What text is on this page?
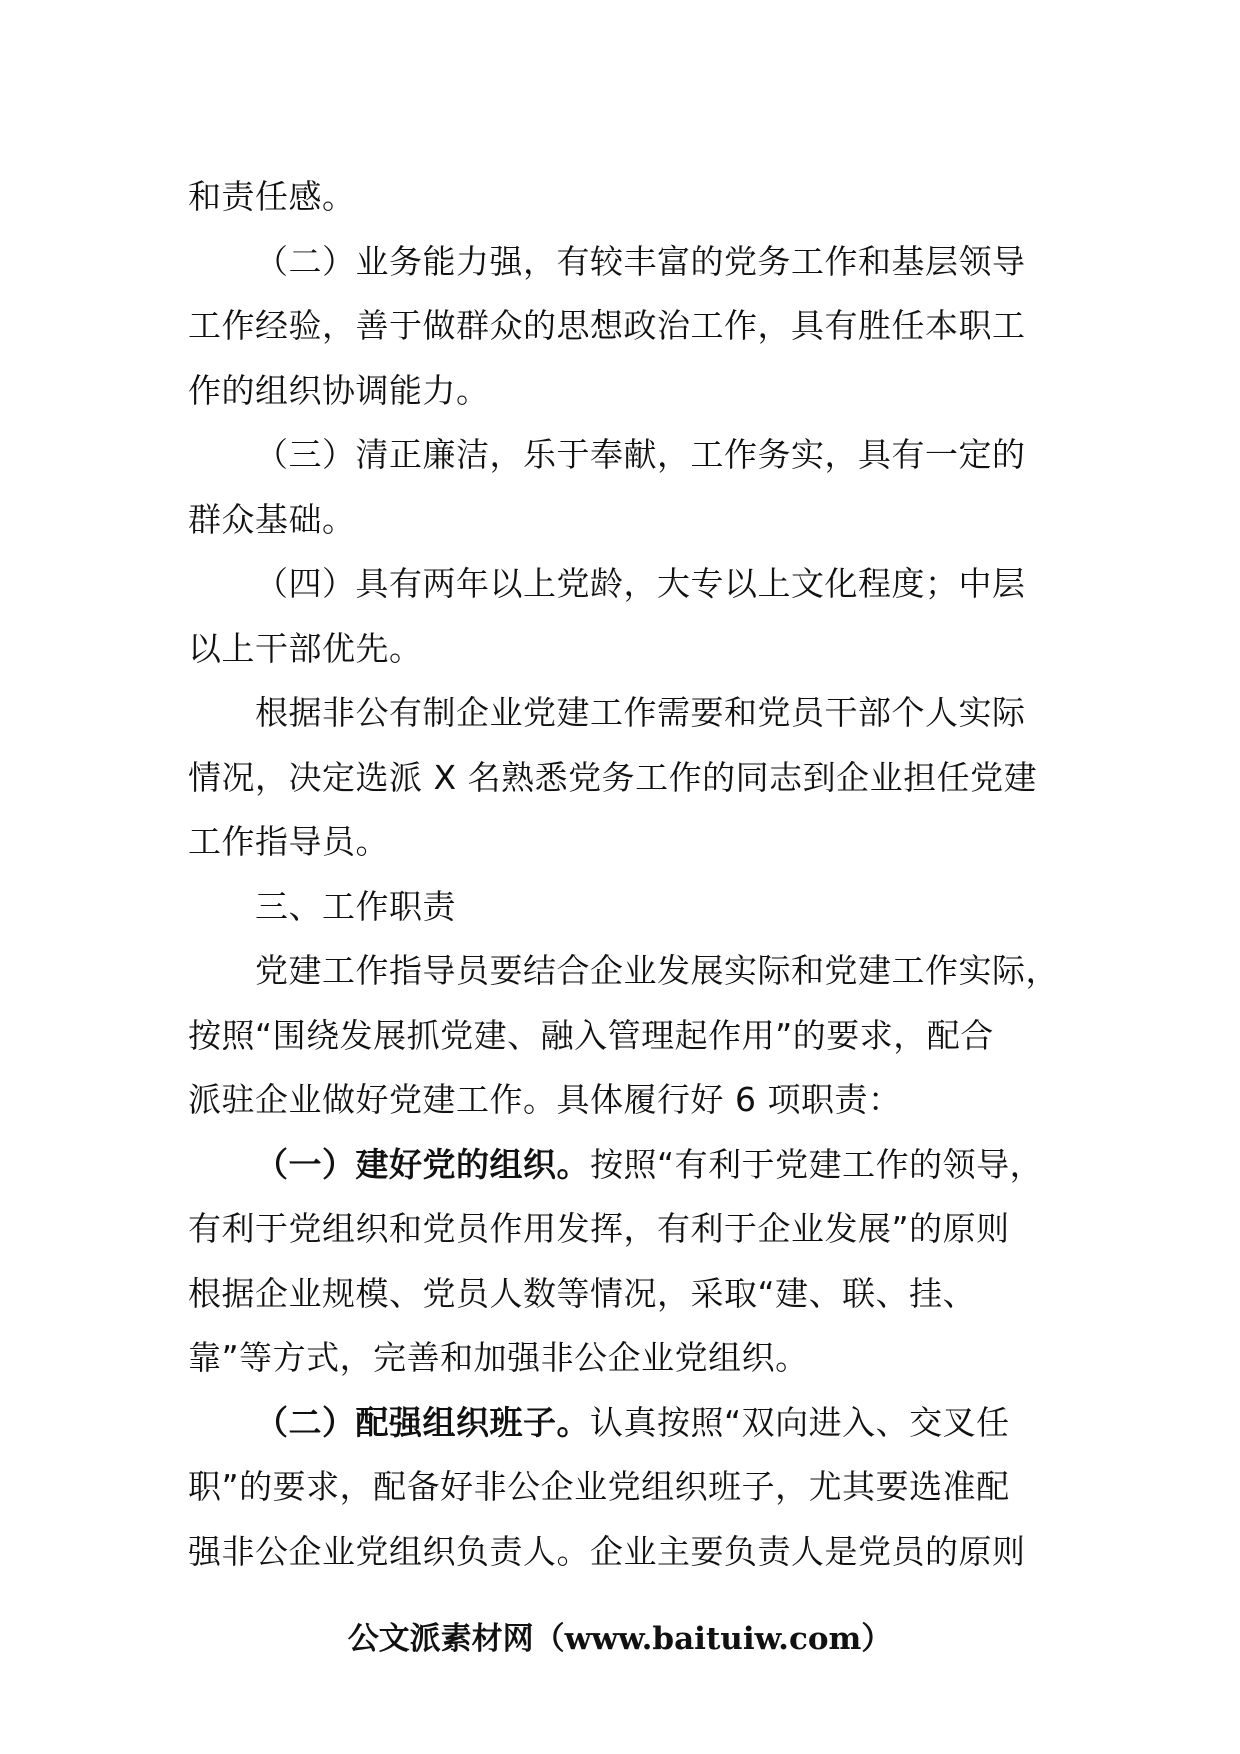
和责任感。
（二）业务能力强，有较丰富的党务工作和基层领导
工作经验，善于做群众的思想政治工作，具有胜任本职工
作的组织协调能力。
（三）清正廉洁，乐于奉献，工作务实，具有一定的
群众基础。
（四）具有两年以上党龄，大专以上文化程度；中层
以上干部优先。
根据非公有制企业党建工作需要和党员干部个人实际
情况，决定选派 X 名熟悉党务工作的同志到企业担任党建
工作指导员。
三、工作职责
党建工作指导员要结合企业发展实际和党建工作实际，
按照“围绕发展抓党建、融入管理起作用”的要求，配合
派驻企业做好党建工作。具体履行好 6 项职责：
（一）建好党的组织。按照“有利于党建工作的领导，
有利于党组织和党员作用发挥，有利于企业发展”的原则
根据企业规模、党员人数等情况，采取“建、联、挂、
靠”等方式，完善和加强非公企业党组织。
（二）配强组织班子。认真按照“双向进入、交叉任
职”的要求，配备好非公企业党组织班子，尤其要选准配
强非公企业党组织负责人。企业主要负责人是党员的原则
公文派素材网（www.baituiw.com）
